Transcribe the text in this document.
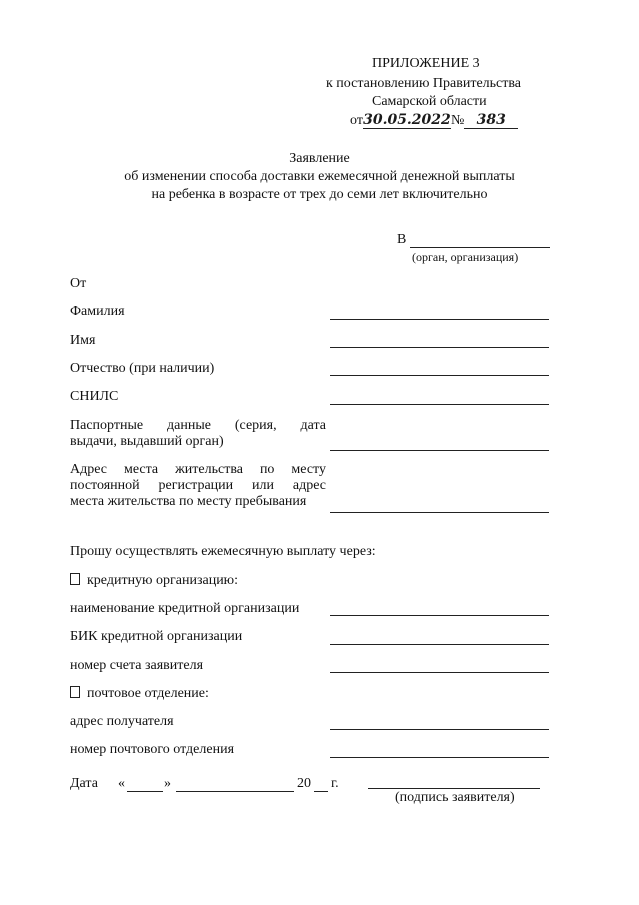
ПРИЛОЖЕНИЕ 3
к постановлению Правительства
Самарской области
от30.05.2022№ 383
Заявление
об изменении способа доставки ежемесячной денежной выплаты
на ребенка в возрасте от трех до семи лет включительно
В
(орган, организация)
От
Фамилия
Имя
Отчество (при наличии)
СНИЛС
Паспортные данные (серия, дата
выдачи, выдавший орган)
Адрес места жительства по месту
постоянной регистрации или адрес
места жительства по месту пребывания
Прошу осуществлять ежемесячную выплату через:
кредитную организацию:
наименование кредитной организации
БИК кредитной организации
номер счета заявителя
почтовое отделение:
адрес получателя
номер почтового отделения
Дата «	»	20 г.
(подпись заявителя)
